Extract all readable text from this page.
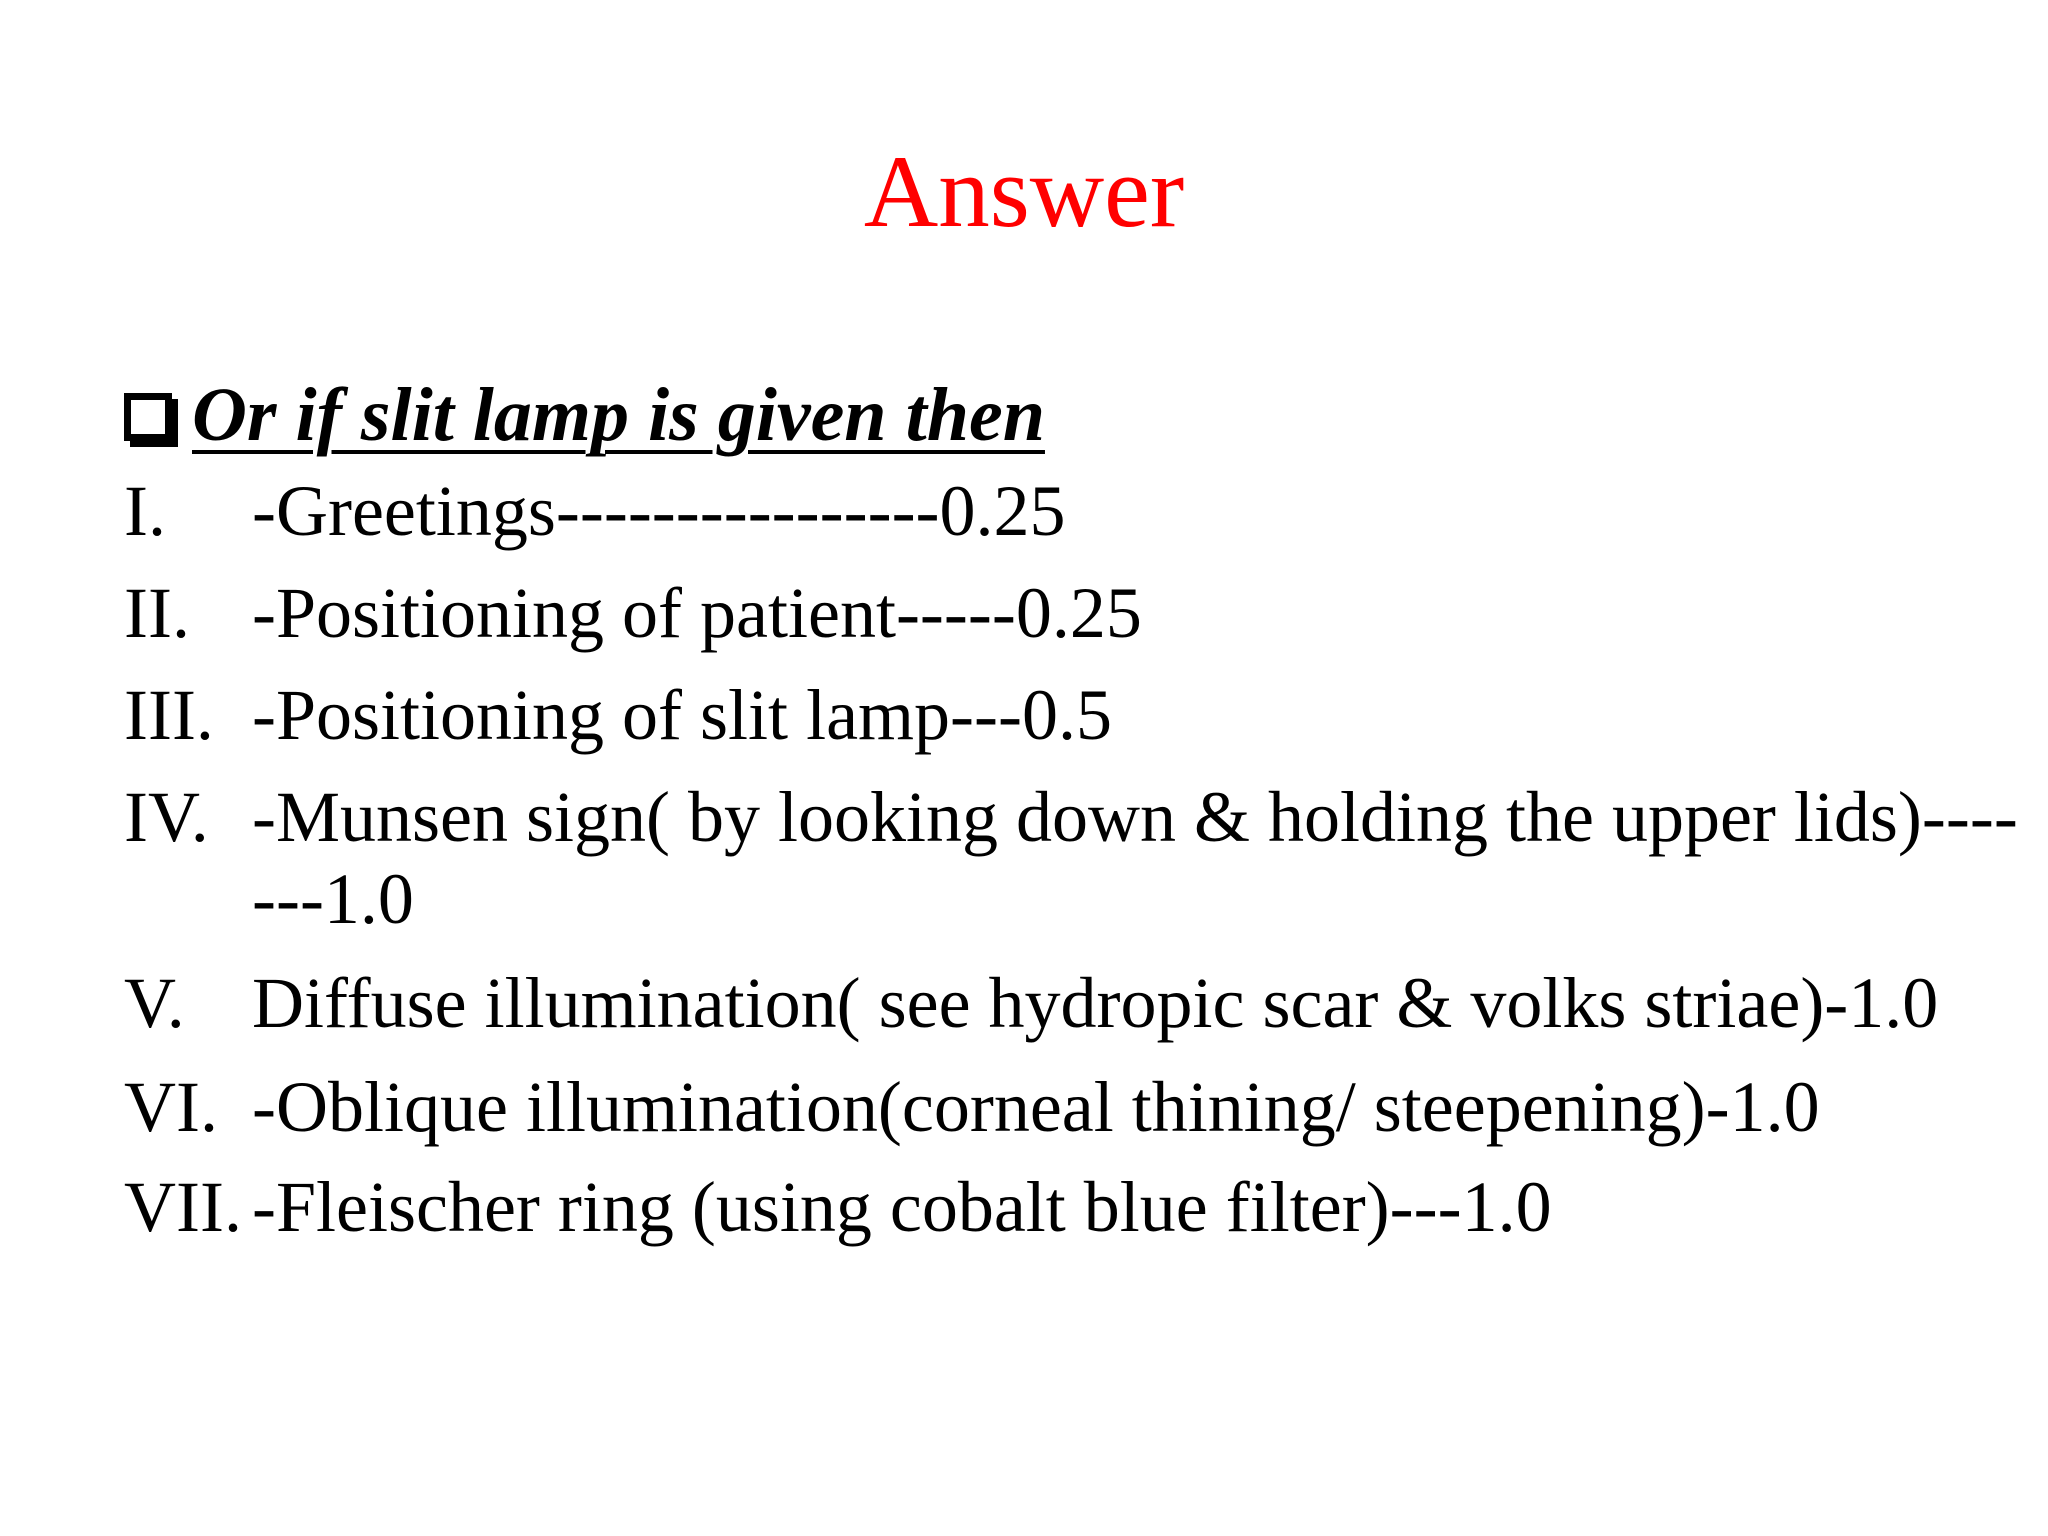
Answer
Or if slit lamp is given then
I.	-Greetings----------------0.25
II. -Positioning of patient-----0.25
III. -Positioning of slit lamp---0.5
IV. -Munsen sign( by looking down & holding the upper lids)-------1.0
V. Diffuse illumination( see hydropic scar & volks striae)-1.0
VI. -Oblique illumination(corneal thining/ steepening)-1.0
VII. -Fleischer ring (using cobalt blue filter)---1.0
